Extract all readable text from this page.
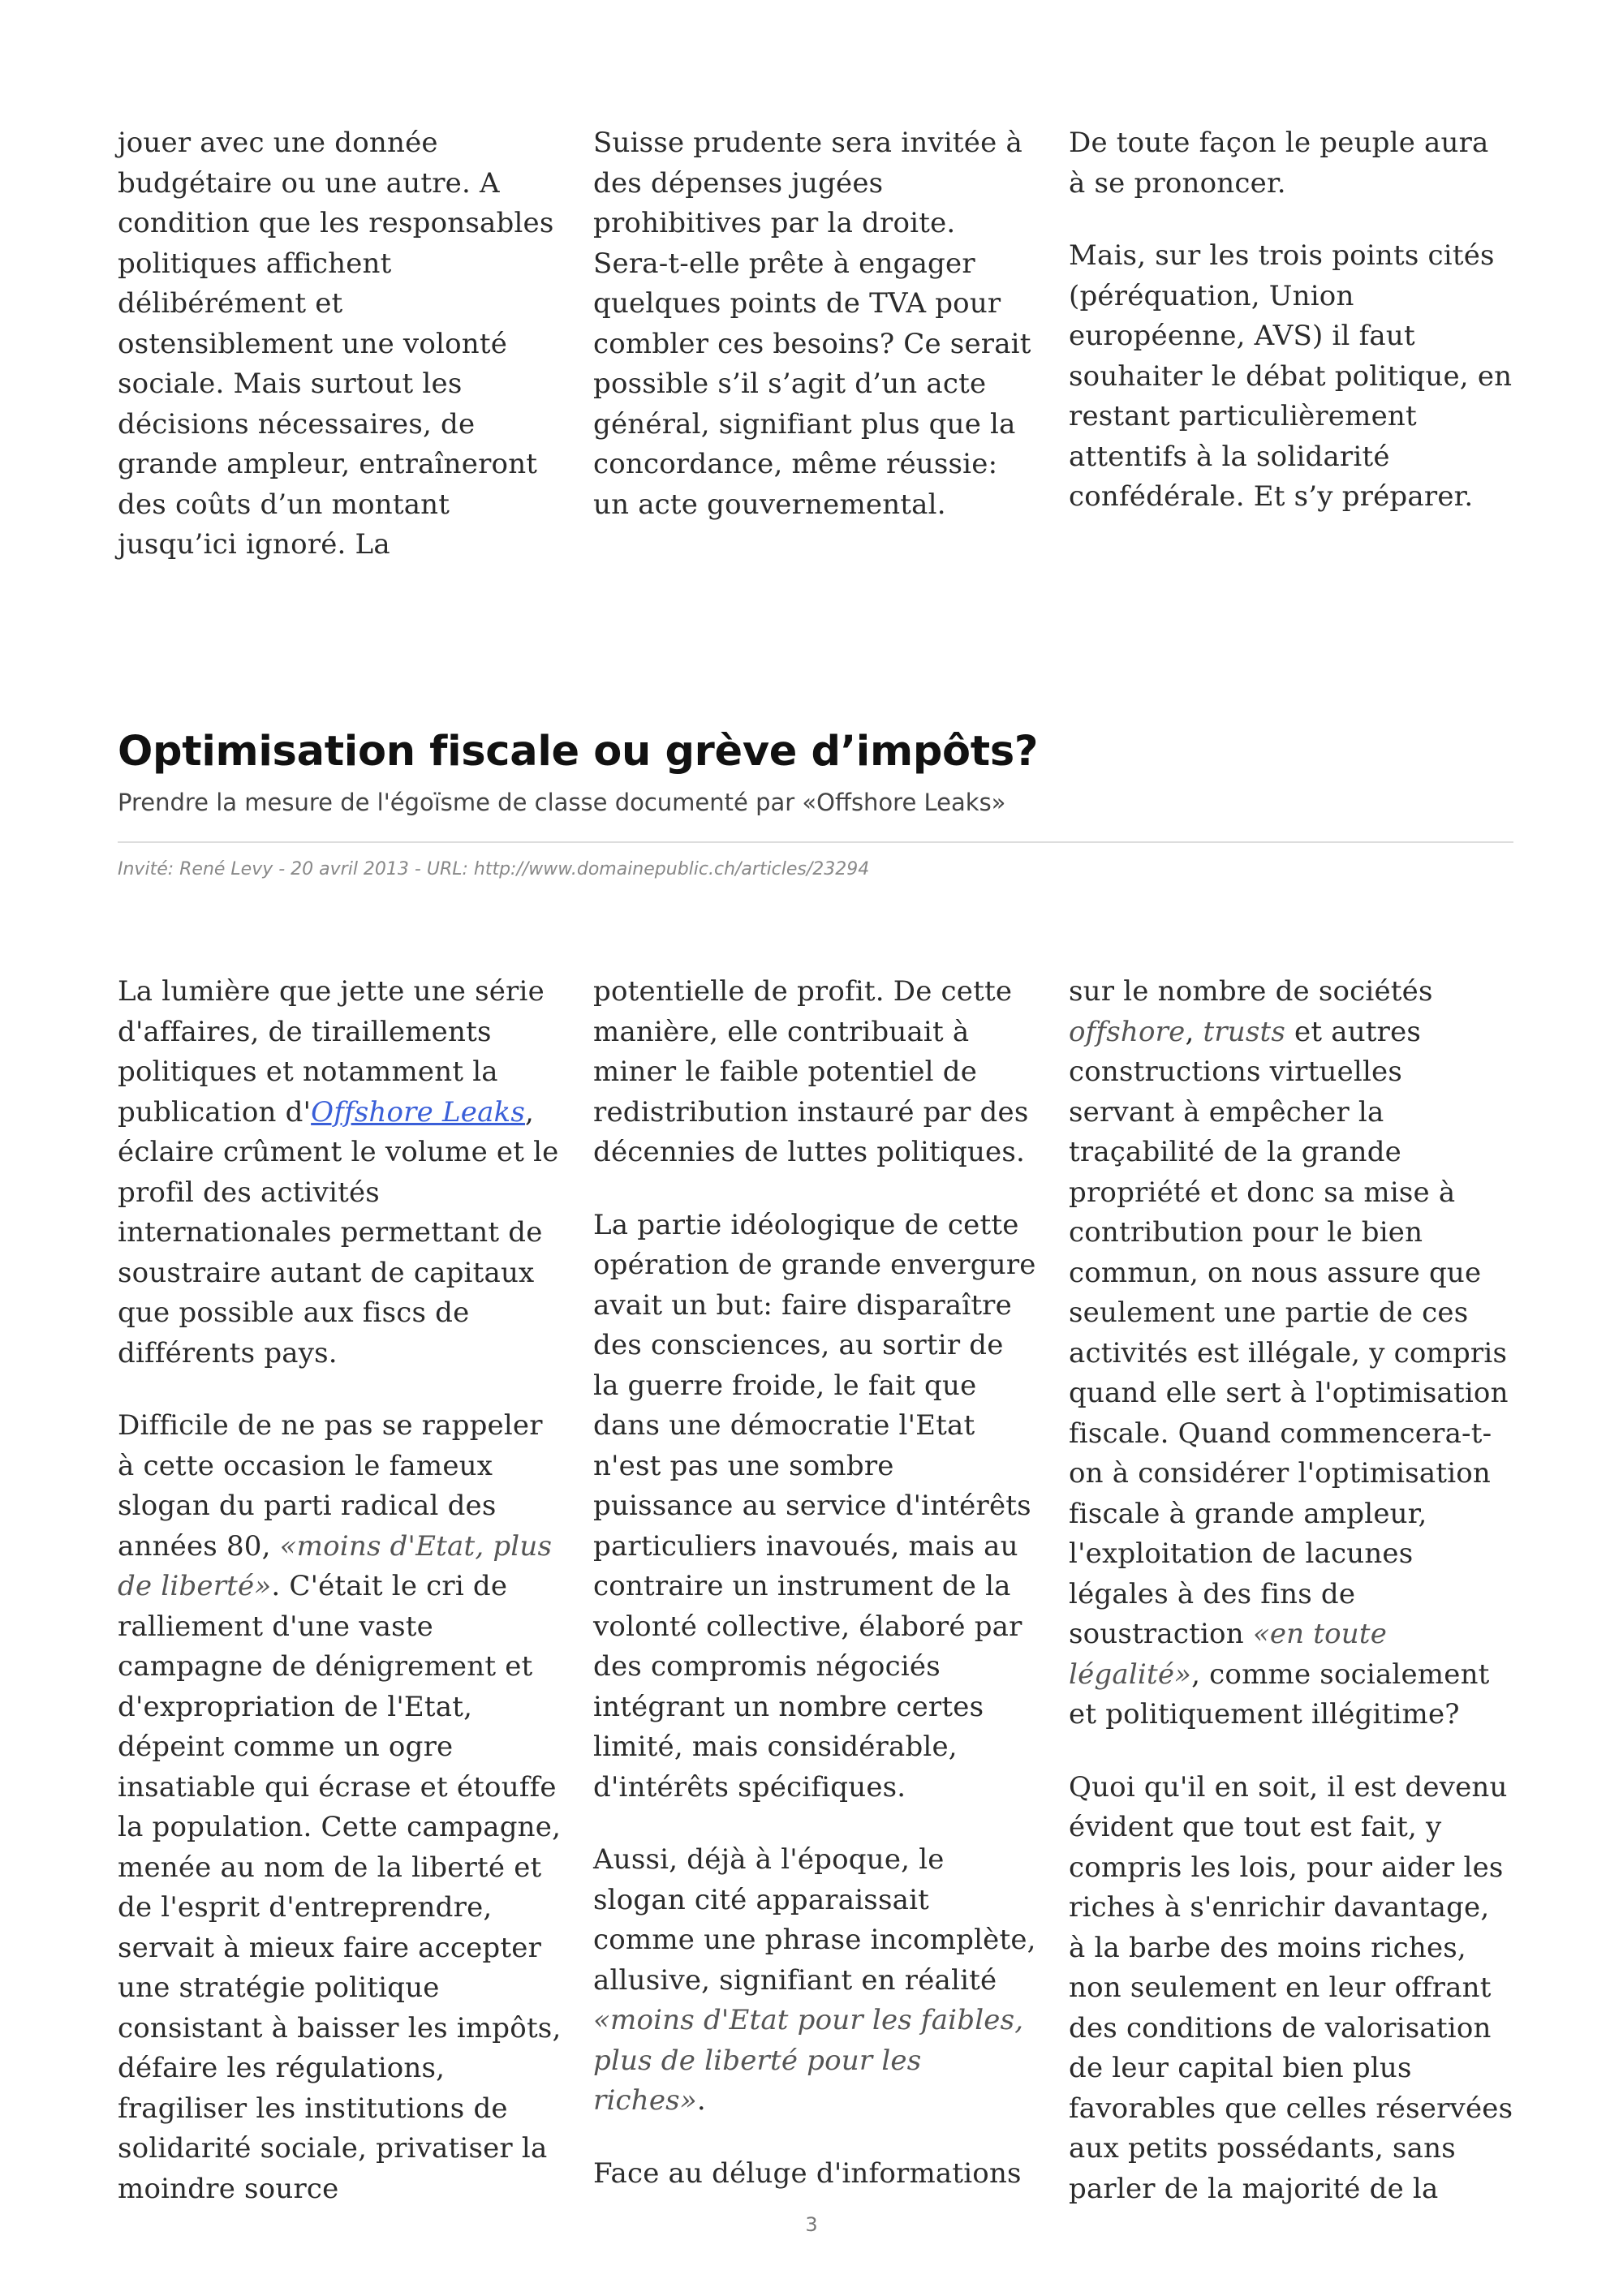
jouer avec une donnée budgétaire ou une autre. A condition que les responsables politiques affichent délibérément et ostensiblement une volonté sociale. Mais surtout les décisions nécessaires, de grande ampleur, entraîneront des coûts d’un montant jusqu’ici ignoré. La

Suisse prudente sera invitée à des dépenses jugées prohibitives par la droite. Sera-t-elle prête à engager quelques points de TVA pour combler ces besoins? Ce serait possible s’il s’agit d’un acte général, signifiant plus que la concordance, même réussie: un acte gouvernemental.

De toute façon le peuple aura à se prononcer.

Mais, sur les trois points cités (péréquation, Union européenne, AVS) il faut souhaiter le débat politique, en restant particulièrement attentifs à la solidarité confédérale. Et s’y préparer.

Optimisation fiscale ou grève d’impôts?
Prendre la mesure de l'égoïsme de classe documenté par «Offshore Leaks»
Invité: René Levy - 20 avril 2013 - URL: http://www.domainepublic.ch/articles/23294

La lumière que jette une série d'affaires, de tiraillements politiques et notamment la publication d'Offshore Leaks, éclaire crûment le volume et le profil des activités internationales permettant de soustraire autant de capitaux que possible aux fiscs de différents pays.

Difficile de ne pas se rappeler à cette occasion le fameux slogan du parti radical des années 80, «moins d'Etat, plus de liberté». C'était le cri de ralliement d'une vaste campagne de dénigrement et d'expropriation de l'Etat, dépeint comme un ogre insatiable qui écrase et étouffe la population. Cette campagne, menée au nom de la liberté et de l'esprit d'entreprendre, servait à mieux faire accepter une stratégie politique consistant à baisser les impôts, défaire les régulations, fragiliser les institutions de solidarité sociale, privatiser la moindre source

potentielle de profit. De cette manière, elle contribuait à miner le faible potentiel de redistribution instauré par des décennies de luttes politiques.

La partie idéologique de cette opération de grande envergure avait un but: faire disparaître des consciences, au sortir de la guerre froide, le fait que dans une démocratie l'Etat n'est pas une sombre puissance au service d'intérêts particuliers inavoués, mais au contraire un instrument de la volonté collective, élaboré par des compromis négociés intégrant un nombre certes limité, mais considérable, d'intérêts spécifiques.

Aussi, déjà à l'époque, le slogan cité apparaissait comme une phrase incomplète, allusive, signifiant en réalité «moins d'Etat pour les faibles, plus de liberté pour les riches».

Face au déluge d'informations

sur le nombre de sociétés offshore, trusts et autres constructions virtuelles servant à empêcher la traçabilité de la grande propriété et donc sa mise à contribution pour le bien commun, on nous assure que seulement une partie de ces activités est illégale, y compris quand elle sert à l'optimisation fiscale. Quand commencera-t-on à considérer l'optimisation fiscale à grande ampleur, l'exploitation de lacunes légales à des fins de soustraction «en toute légalité», comme socialement et politiquement illégitime?

Quoi qu'il en soit, il est devenu évident que tout est fait, y compris les lois, pour aider les riches à s'enrichir davantage, à la barbe des moins riches, non seulement en leur offrant des conditions de valorisation de leur capital bien plus favorables que celles réservées aux petits possédants, sans parler de la majorité de la

3
